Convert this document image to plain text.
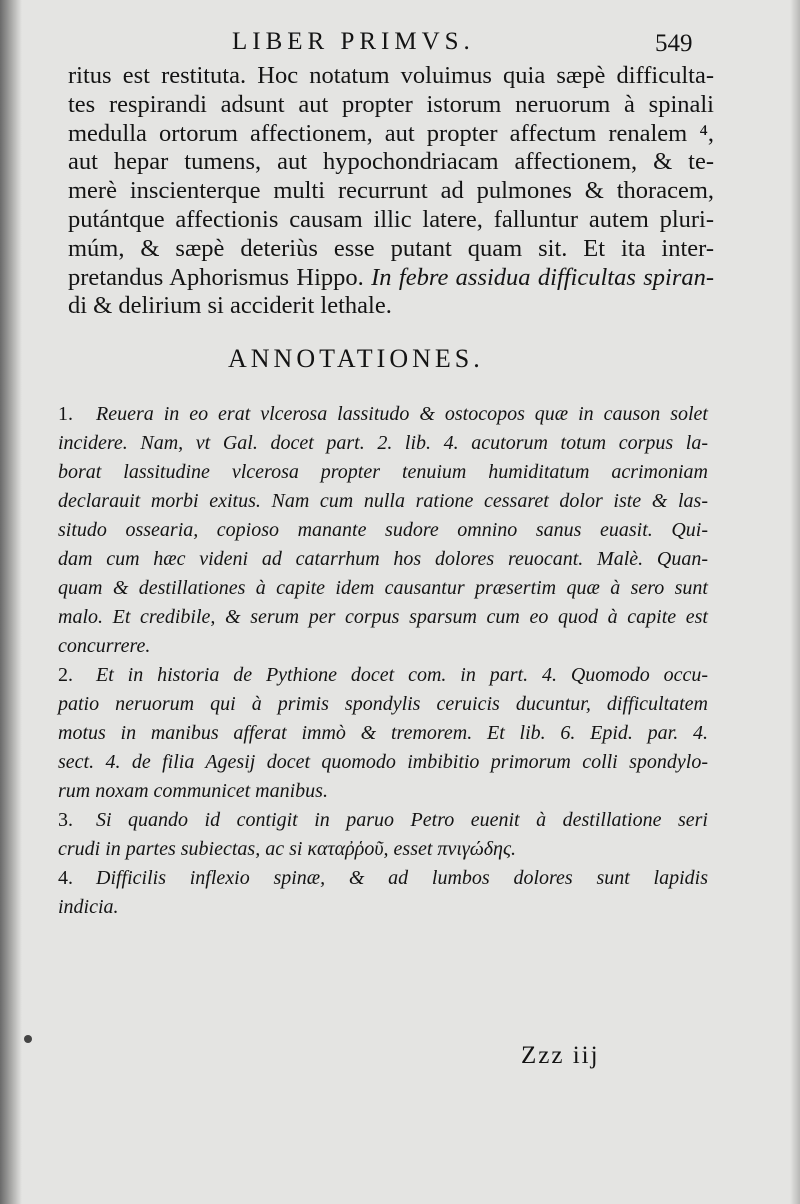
LIBER PRIMVS.	549
ritus est restituta. Hoc notatum voluimus quia sæpè difficulta-
tes respirandi adsunt aut propter istorum neruorum à spinali
medulla ortorum affectionem, aut propter affectum renalem ⁴,
aut hepar tumens, aut hypochondriacam affectionem, & te-
merè inscienterque multi recurrunt ad pulmones & thoracem,
putántque affectionis causam illic latere, falluntur autem pluri-
múm, & sæpè deteriùs esse putant quam sit. Et ita inter-
pretandus Aphorismus Hippo. In febre assidua difficultas spiran-
di & delirium si acciderit lethale.
ANNOTATIONES.
1. Reuera in eo erat vlcerosa lassitudo & ostocopos quæ in causon solet
incidere. Nam, vt Gal. docet part. 2. lib. 4. acutorum totum corpus la-
borat lassitudine vlcerosa propter tenuium humiditatum acrimoniam
declarauit morbi exitus. Nam cum nulla ratione cessaret dolor iste & las-
situdo ossearia, copioso manante sudore omnino sanus euasit. Qui-
dam cum hæc videni ad catarrhum hos dolores reuocant. Malè. Quan-
quam & destillationes à capite idem causantur præsertim quæ à sero sunt
malo. Et credibile, & serum per corpus sparsum cum eo quod à capite est
concurrere.
2. Et in historia de Pythione docet com. in part. 4. Quomodo occu-
patio neruorum qui à primis spondylis ceruicis ducuntur, difficultatem
motus in manibus afferat immò & tremorem. Et lib. 6. Epid. par. 4.
sect. 4. de filia Agesij docet quomodo imbibitio primorum colli spondylo-
rum noxam communicet manibus.
3. Si quando id contigit in paruo Petro euenit à destillatione seri
crudi in partes subiectas, ac si καταῤῥοῦ, esset πνιγώδης.
4. Difficilis inflexio spinæ, & ad lumbos dolores sunt lapidis
indicia.
Zzz iij
